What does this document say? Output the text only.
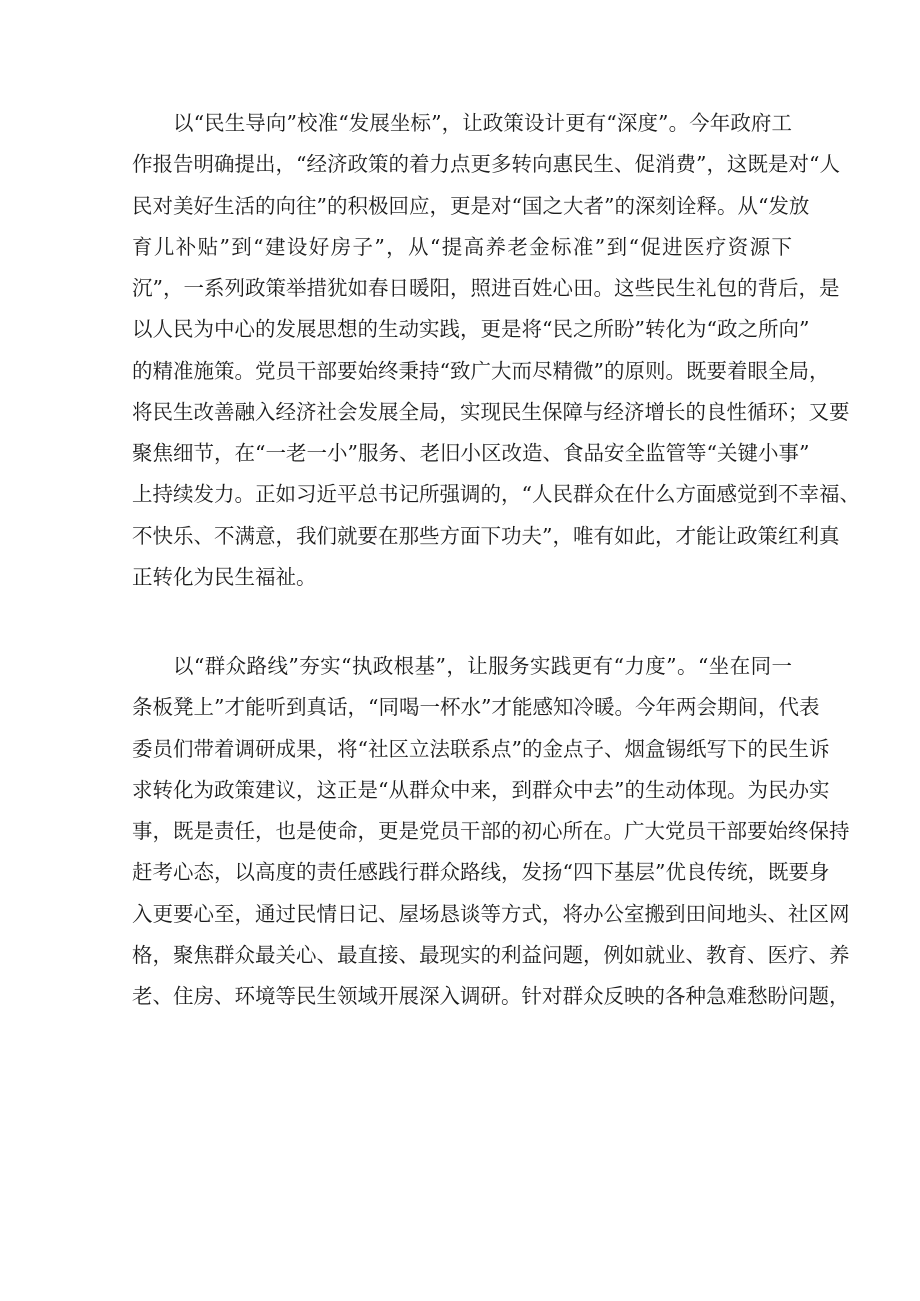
以“民生导向”校准“发展坐标”，让政策设计更有“深度”。今年政府工
作报告明确提出，“经济政策的着力点更多转向惠民生、促消费”，这既是对“人
民对美好生活的向往”的积极回应，更是对“国之大者”的深刻诠释。从“发放
育儿补贴”到“建设好房子”，从“提高养老金标准”到“促进医疗资源下
沉”，一系列政策举措犹如春日暖阳，照进百姓心田。这些民生礼包的背后，是
以人民为中心的发展思想的生动实践，更是将“民之所盼”转化为“政之所向”
的精准施策。党员干部要始终秉持“致广大而尽精微”的原则。既要着眼全局，
将民生改善融入经济社会发展全局，实现民生保障与经济增长的良性循环；又要
聚焦细节，在“一老一小”服务、老旧小区改造、食品安全监管等“关键小事”
上持续发力。正如习近平总书记所强调的，“人民群众在什么方面感觉到不幸福、
不快乐、不满意，我们就要在那些方面下功夫”，唯有如此，才能让政策红利真
正转化为民生福祉。
以“群众路线”夯实“执政根基”，让服务实践更有“力度”。“坐在同一
条板凳上”才能听到真话，“同喝一杯水”才能感知冷暖。今年两会期间，代表
委员们带着调研成果，将“社区立法联系点”的金点子、烟盒锡纸写下的民生诉
求转化为政策建议，这正是“从群众中来，到群众中去”的生动体现。为民办实
事，既是责任，也是使命，更是党员干部的初心所在。广大党员干部要始终保持
赶考心态，以高度的责任感践行群众路线，发扬“四下基层”优良传统，既要身
入更要心至，通过民情日记、屋场恳谈等方式，将办公室搬到田间地头、社区网
格，聚焦群众最关心、最直接、最现实的利益问题，例如就业、教育、医疗、养
老、住房、环境等民生领域开展深入调研。针对群众反映的各种急难愁盼问题，
